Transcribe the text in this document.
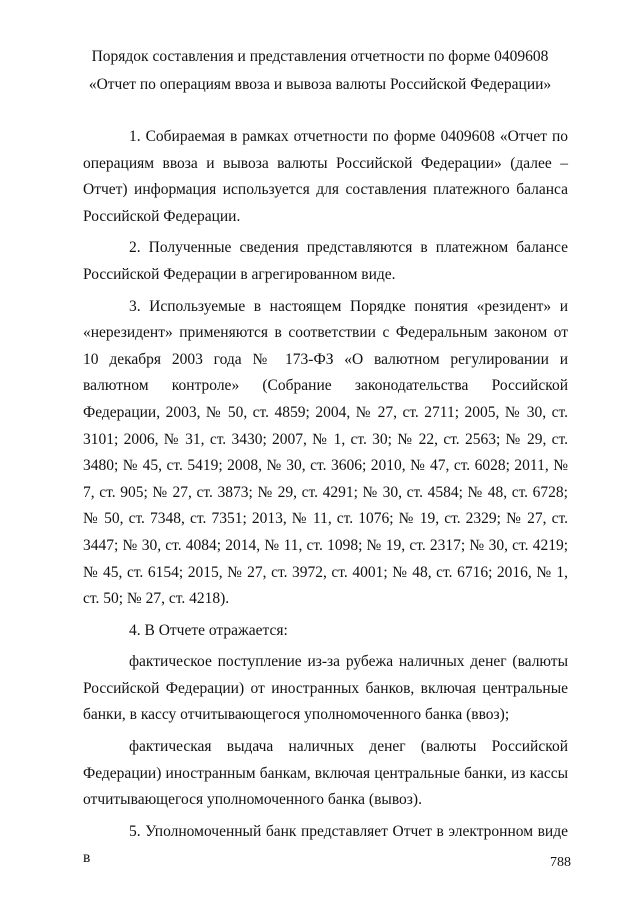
Порядок составления и представления отчетности по форме 0409608
«Отчет по операциям ввоза и вывоза валюты Российской Федерации»

1. Собираемая в рамках отчетности по форме 0409608 «Отчет по операциям ввоза и вывоза валюты Российской Федерации» (далее – Отчет) информация используется для составления платежного баланса Российской Федерации.

2. Полученные сведения представляются в платежном балансе Российской Федерации в агрегированном виде.

3. Используемые в настоящем Порядке понятия «резидент» и «нерезидент» применяются в соответствии с Федеральным законом от 10 декабря 2003 года № 173-ФЗ «О валютном регулировании и валютном контроле» (Собрание законодательства Российской Федерации, 2003, № 50, ст. 4859; 2004, № 27, ст. 2711; 2005, № 30, ст. 3101; 2006, № 31, ст. 3430; 2007, № 1, ст. 30; № 22, ст. 2563; № 29, ст. 3480; № 45, ст. 5419; 2008, № 30, ст. 3606; 2010, № 47, ст. 6028; 2011, № 7, ст. 905; № 27, ст. 3873; № 29, ст. 4291; № 30, ст. 4584; № 48, ст. 6728; № 50, ст. 7348, ст. 7351; 2013, № 11, ст. 1076; № 19, ст. 2329; № 27, ст. 3447; № 30, ст. 4084; 2014, № 11, ст. 1098; № 19, ст. 2317; № 30, ст. 4219; № 45, ст. 6154; 2015, № 27, ст. 3972, ст. 4001; № 48, ст. 6716; 2016, № 1, ст. 50; № 27, ст. 4218).

4. В Отчете отражается:

фактическое поступление из-за рубежа наличных денег (валюты Российской Федерации) от иностранных банков, включая центральные банки, в кассу отчитывающегося уполномоченного банка (ввоз);

фактическая выдача наличных денег (валюты Российской Федерации) иностранным банкам, включая центральные банки, из кассы отчитывающегося уполномоченного банка (вывоз).

5. Уполномоченный банк представляет Отчет в электронном виде в	788
